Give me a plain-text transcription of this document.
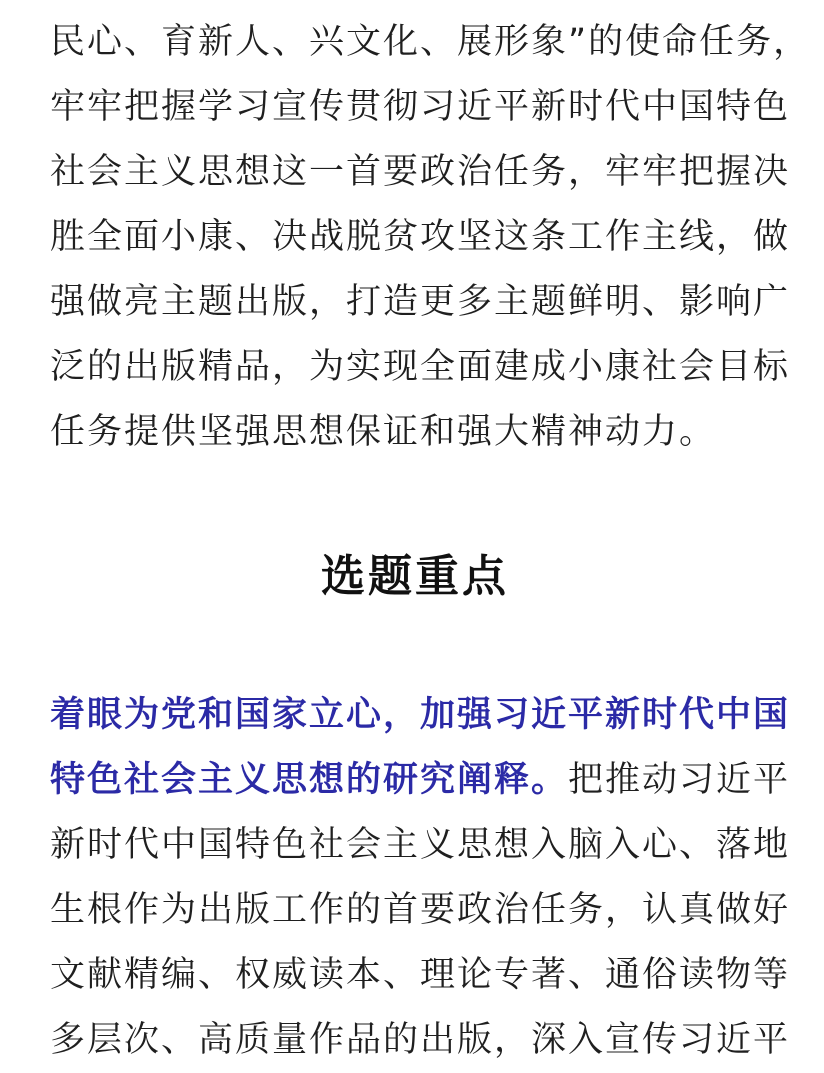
民心、育新人、兴文化、展形象”的使命任务，
牢牢把握学习宣传贯彻习近平新时代中国特色
社会主义思想这一首要政治任务，牢牢把握决
胜全面小康、决战脱贫攻坚这条工作主线，做
强做亮主题出版，打造更多主题鲜明、影响广
泛的出版精品，为实现全面建成小康社会目标
任务提供坚强思想保证和强大精神动力。

选题重点

着眼为党和国家立心，加强习近平新时代中国
特色社会主义思想的研究阐释。把推动习近平
新时代中国特色社会主义思想入脑入心、落地
生根作为出版工作的首要政治任务，认真做好
文献精编、权威读本、理论专著、通俗读物等
多层次、高质量作品的出版，深入宣传习近平
